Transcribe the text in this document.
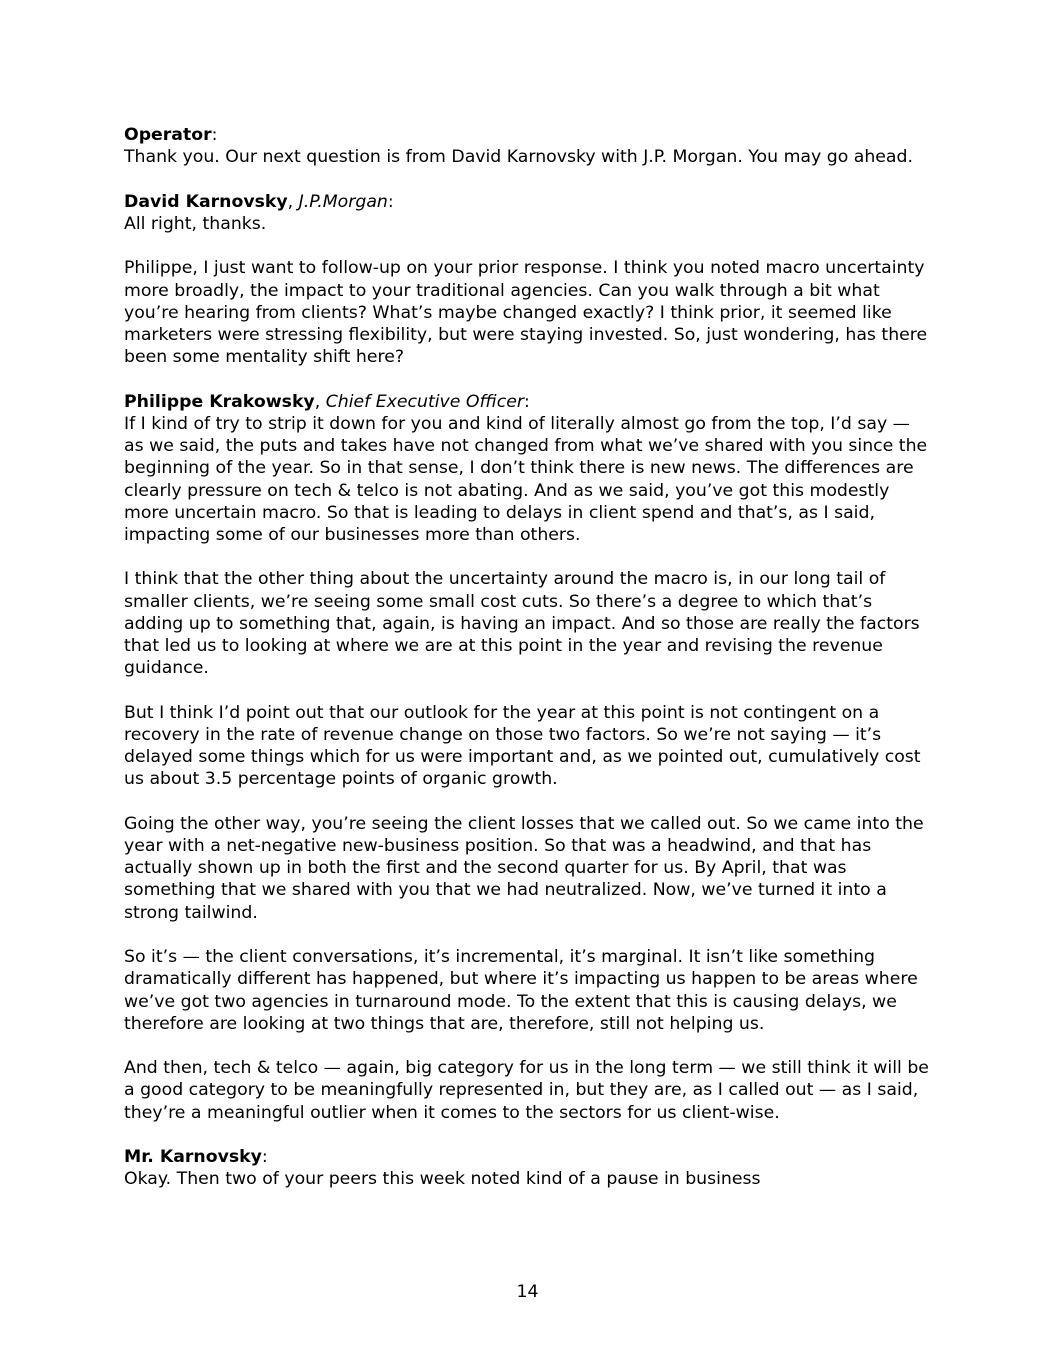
Operator:

Thank you. Our next question is from David Karnovsky with J.P. Morgan. You may go ahead.

David Karnovsky, J.P.Morgan:

All right, thanks.

Philippe, I just want to follow-up on your prior response. I think you noted macro uncertainty more broadly, the impact to your traditional agencies. Can you walk through a bit what you’re hearing from clients? What’s maybe changed exactly? I think prior, it seemed like marketers were stressing flexibility, but were staying invested. So, just wondering, has there been some mentality shift here?

Philippe Krakowsky, Chief Executive Officer:

If I kind of try to strip it down for you and kind of literally almost go from the top, I’d say — as we said, the puts and takes have not changed from what we’ve shared with you since the beginning of the year. So in that sense, I don’t think there is new news. The differences are clearly pressure on tech & telco is not abating. And as we said, you’ve got this modestly more uncertain macro. So that is leading to delays in client spend and that’s, as I said, impacting some of our businesses more than others.

I think that the other thing about the uncertainty around the macro is, in our long tail of smaller clients, we’re seeing some small cost cuts. So there’s a degree to which that’s adding up to something that, again, is having an impact. And so those are really the factors that led us to looking at where we are at this point in the year and revising the revenue guidance.

But I think I’d point out that our outlook for the year at this point is not contingent on a recovery in the rate of revenue change on those two factors. So we’re not saying — it’s delayed some things which for us were important and, as we pointed out, cumulatively cost us about 3.5 percentage points of organic growth.

Going the other way, you’re seeing the client losses that we called out. So we came into the year with a net-negative new-business position. So that was a headwind, and that has actually shown up in both the first and the second quarter for us. By April, that was something that we shared with you that we had neutralized. Now, we’ve turned it into a strong tailwind.

So it’s — the client conversations, it’s incremental, it’s marginal. It isn’t like something dramatically different has happened, but where it’s impacting us happen to be areas where we’ve got two agencies in turnaround mode. To the extent that this is causing delays, we therefore are looking at two things that are, therefore, still not helping us.

And then, tech & telco — again, big category for us in the long term — we still think it will be a good category to be meaningfully represented in, but they are, as I called out — as I said, they’re a meaningful outlier when it comes to the sectors for us client-wise.

Mr. Karnovsky:

Okay. Then two of your peers this week noted kind of a pause in business

14
